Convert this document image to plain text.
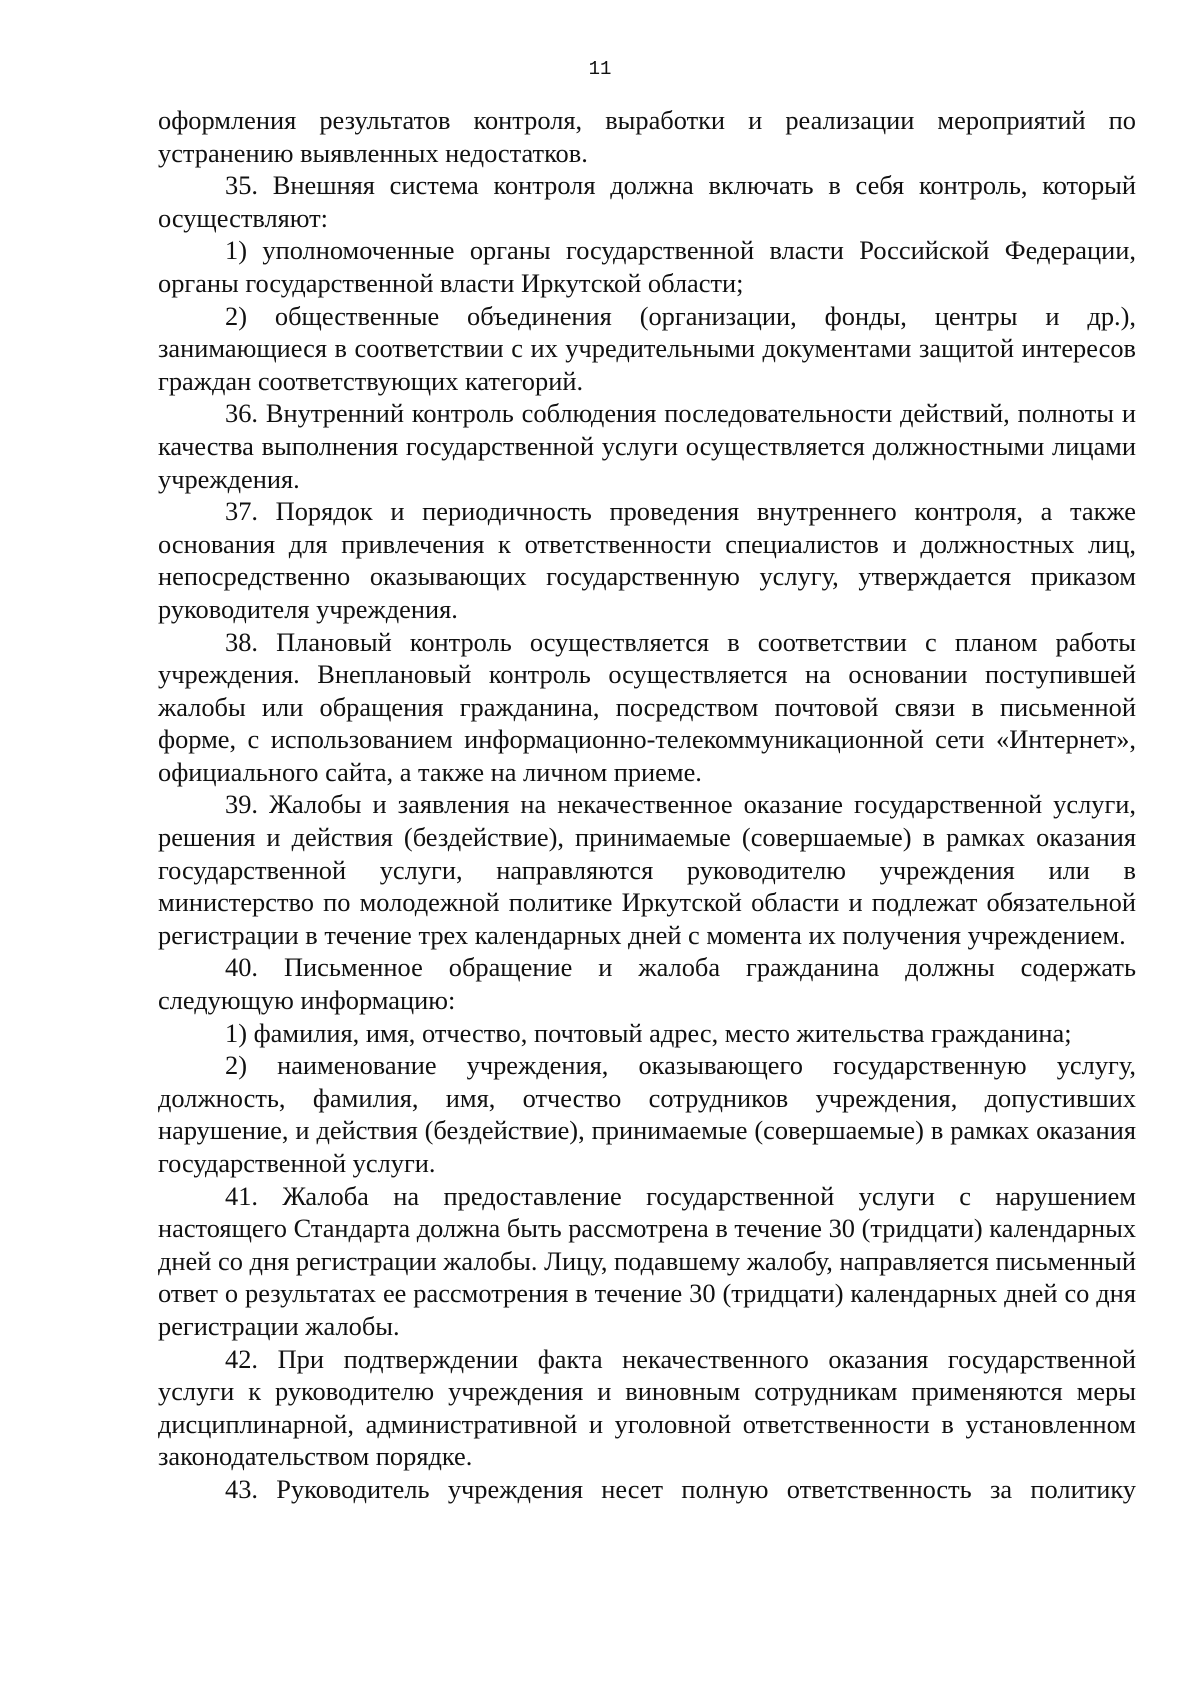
11

оформления результатов контроля, выработки и реализации мероприятий по устранению выявленных недостатков.

35. Внешняя система контроля должна включать в себя контроль, который осуществляют:

1) уполномоченные органы государственной власти Российской Федерации, органы государственной власти Иркутской области;

2) общественные объединения (организации, фонды, центры и др.), занимающиеся в соответствии с их учредительными документами защитой интересов граждан соответствующих категорий.

36. Внутренний контроль соблюдения последовательности действий, полноты и качества выполнения государственной услуги осуществляется должностными лицами учреждения.

37. Порядок и периодичность проведения внутреннего контроля, а также основания для привлечения к ответственности специалистов и должностных лиц, непосредственно оказывающих государственную услугу, утверждается приказом руководителя учреждения.

38. Плановый контроль осуществляется в соответствии с планом работы учреждения. Внеплановый контроль осуществляется на основании поступившей жалобы или обращения гражданина, посредством почтовой связи в письменной форме, с использованием информационно-телекоммуникационной сети «Интернет», официального сайта, а также на личном приеме.

39. Жалобы и заявления на некачественное оказание государственной услуги, решения и действия (бездействие), принимаемые (совершаемые) в рамках оказания государственной услуги, направляются руководителю учреждения или в министерство по молодежной политике Иркутской области и подлежат обязательной регистрации в течение трех календарных дней с момента их получения учреждением.

40. Письменное обращение и жалоба гражданина должны содержать следующую информацию:

1) фамилия, имя, отчество, почтовый адрес, место жительства гражданина;

2) наименование учреждения, оказывающего государственную услугу, должность, фамилия, имя, отчество сотрудников учреждения, допустивших нарушение, и действия (бездействие), принимаемые (совершаемые) в рамках оказания государственной услуги.

41. Жалоба на предоставление государственной услуги с нарушением настоящего Стандарта должна быть рассмотрена в течение 30 (тридцати) календарных дней со дня регистрации жалобы. Лицу, подавшему жалобу, направляется письменный ответ о результатах ее рассмотрения в течение 30 (тридцати) календарных дней со дня регистрации жалобы.

42. При подтверждении факта некачественного оказания государственной услуги к руководителю учреждения и виновным сотрудникам применяются меры дисциплинарной, административной и уголовной ответственности в установленном законодательством порядке.

43. Руководитель учреждения несет полную ответственность за политику
